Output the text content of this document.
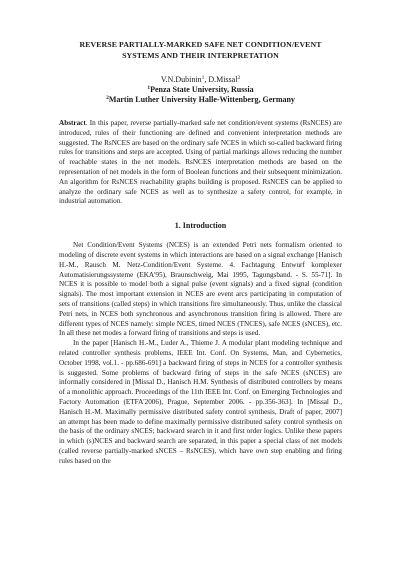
REVERSE PARTIALLY-MARKED SAFE NET CONDITION/EVENT
SYSTEMS AND THEIR INTERPRETATION

V.N.Dubinin$^1$, D.Missal$^2$

$^1$Penza State University, Russia

$^2$Martin Luther University Halle-Wittenberg, Germany

Abstract. In this paper, reverse partially-marked safe net condition/event systems (RsNCES) are introduced, rules of their functioning are defined and convenient interpretation methods are suggested. The RsNCES are based on the ordinary safe NCES in which so-called backward firing rules for transitions and steps are accepted. Using of partial markings allows reducing the number of reachable states in the net models. RsNCES interpretation methods are based on the representation of net models in the form of Boolean functions and their subsequent minimization. An algorithm for RsNCES reachability graphs building is proposed. RsNCES can be applied to analyze the ordinary safe NCES as well as to synthesize a safety control, for example, in industrial automation.

1. Introduction

Net Condition/Event Systems (NCES) is an extended Petri nets formalism oriented to modeling of discrete event systems in which interactions are based on a signal exchange [Hanisch H.-M., Rausch M. Netz-Condition/Event Systeme. 4. Fachtagung Entwurf komplexer Automatisierungssysteme (EKA'95), Braunschweig, Mai 1995, Tagungsband. - S. 55-71]. In NCES it is possible to model both a signal pulse (event signals) and a fixed signal (condition signals). The most important extension in NCES are event arcs participating in computation of sets of transitions (called steps) in which transitions fire simultaneously. Thus, unlike the classical Petri nets, in NCES both synchronous and asynchronous transition firing is allowed. There are different types of NCES namely: simple NCES, timed NCES (TNCES), safe NCES (sNCES), etc. In all these net modes a forward firing of transitions and steps is used.

In the paper [Hanisch H.-M., Luder A., Thieme J. A modular plant modeling technique and related controller synthesis problems, IEEE Int. Conf. On Systems, Man, and Cybernetics, October 1998, vol.1. - pp.686-691] a backward firing of steps in NCES for a controller synthesis is suggested. Some problems of backward firing of steps in the safe NCES (sNCES) are informally considered in [Missal D., Hanisch H.M. Synthesis of distributed controllers by means of a monolithic approach. Proceedings of the 11th IEEE Int. Conf. on Emerging Technologies and Factory Automation (ETFA'2006), Prague, September 2006. - pp.356-363]. In [Missal D., Hanisch H.-M. Maximally permissive distributed safety control synthesis, Draft of paper, 2007] an attempt has been made to define maximally permissive distributed safety control synthesis on the basis of the ordinary sNCES; backward search in it and first order logics. Unlike these papers in which (s)NCES and backward search are separated, in this paper a special class of net models (called reverse partially-marked sNCES – RsNCES), which have own step enabling and firing rules based on the
